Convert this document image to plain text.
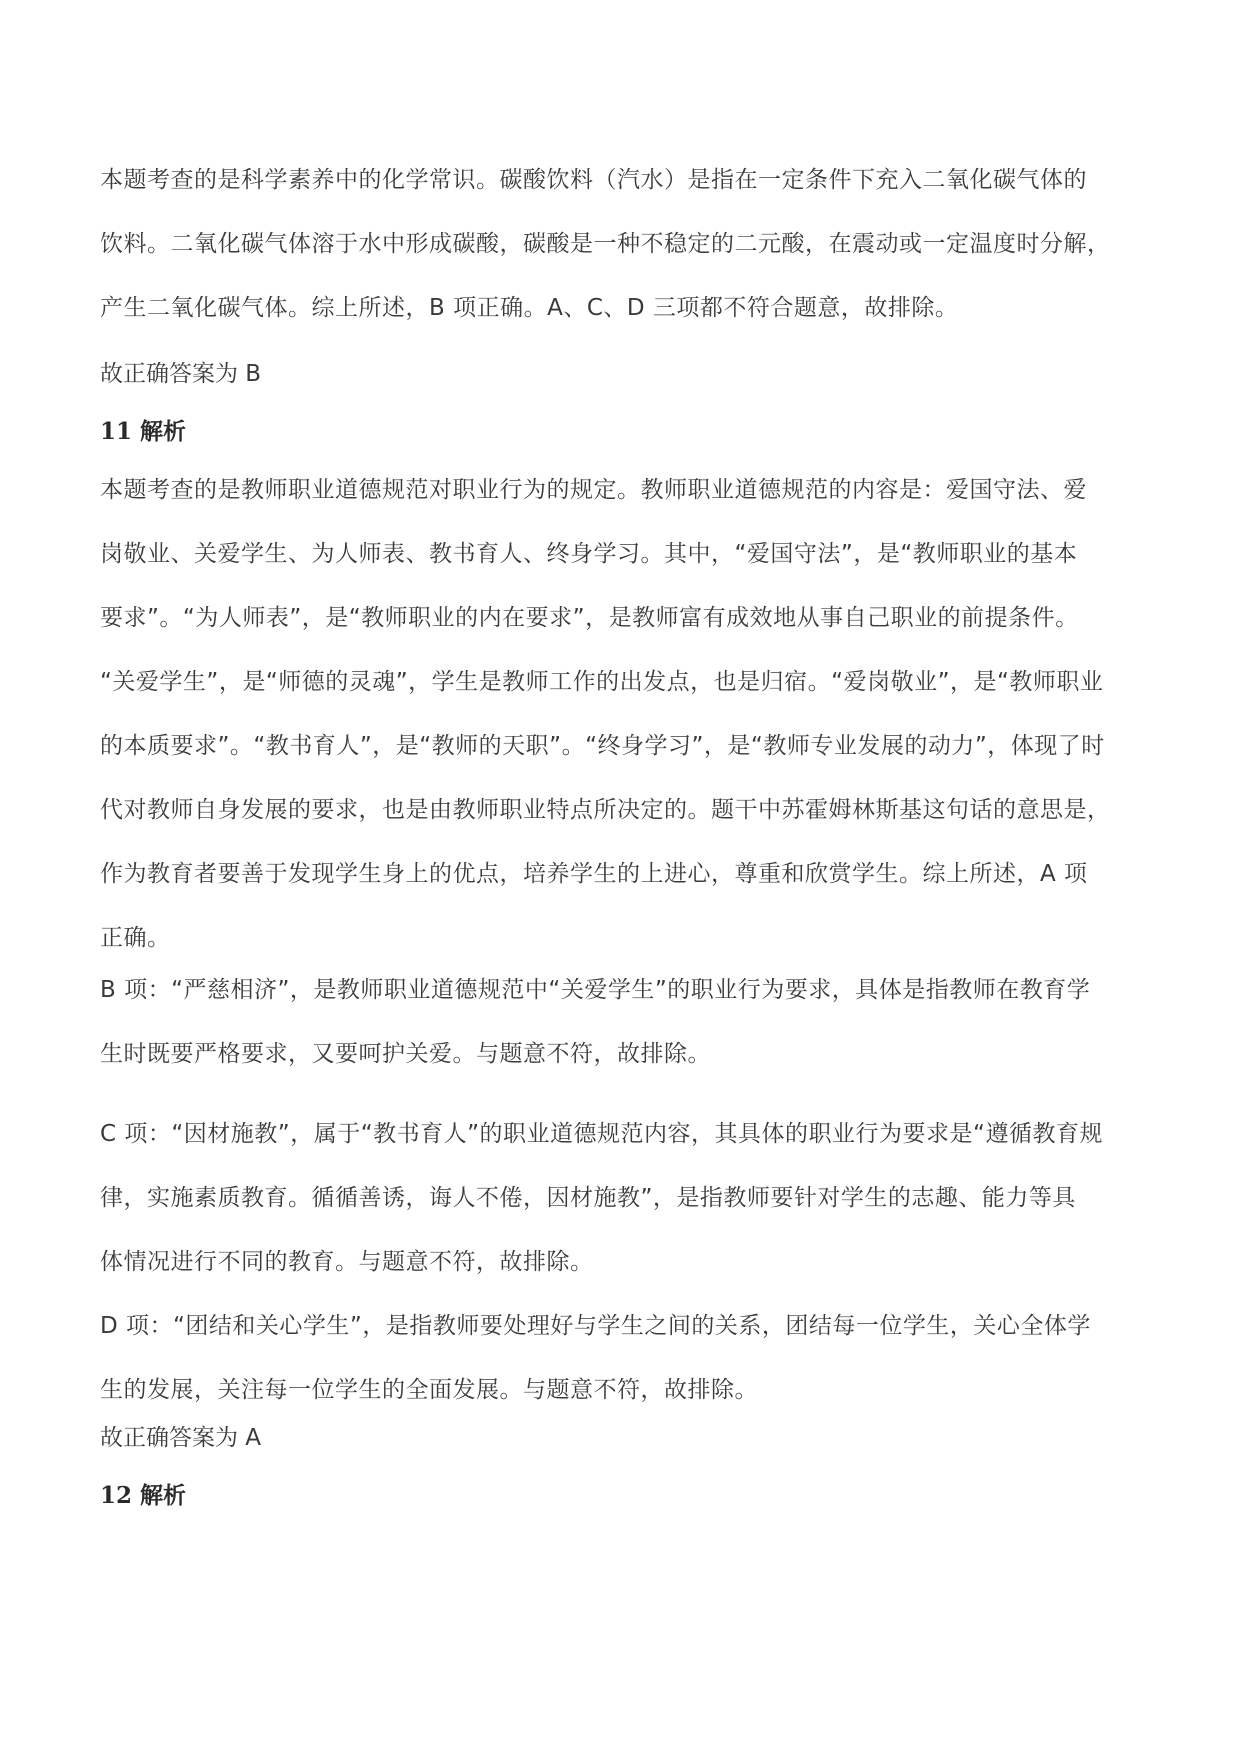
本题考查的是科学素养中的化学常识。碳酸饮料（汽水）是指在一定条件下充入二氧化碳气体的
饮料。二氧化碳气体溶于水中形成碳酸，碳酸是一种不稳定的二元酸，在震动或一定温度时分解，
产生二氧化碳气体。综上所述，B 项正确。A、C、D 三项都不符合题意，故排除。
故正确答案为 B
11 解析
本题考查的是教师职业道德规范对职业行为的规定。教师职业道德规范的内容是：爱国守法、爱
岗敬业、关爱学生、为人师表、教书育人、终身学习。其中，“爱国守法”，是“教师职业的基本
要求”。“为人师表”，是“教师职业的内在要求”，是教师富有成效地从事自己职业的前提条件。
“关爱学生”，是“师德的灵魂”，学生是教师工作的出发点，也是归宿。“爱岗敬业”，是“教师职业
的本质要求”。“教书育人”，是“教师的天职”。“终身学习”，是“教师专业发展的动力”，体现了时
代对教师自身发展的要求，也是由教师职业特点所决定的。题干中苏霍姆林斯基这句话的意思是，
作为教育者要善于发现学生身上的优点，培养学生的上进心，尊重和欣赏学生。综上所述，A 项
正确。
B 项：“严慈相济”，是教师职业道德规范中“关爱学生”的职业行为要求，具体是指教师在教育学
生时既要严格要求，又要呵护关爱。与题意不符，故排除。
C 项：“因材施教”，属于“教书育人”的职业道德规范内容，其具体的职业行为要求是“遵循教育规
律，实施素质教育。循循善诱，诲人不倦，因材施教”，是指教师要针对学生的志趣、能力等具
体情况进行不同的教育。与题意不符，故排除。
D 项：“团结和关心学生”，是指教师要处理好与学生之间的关系，团结每一位学生，关心全体学
生的发展，关注每一位学生的全面发展。与题意不符，故排除。
故正确答案为 A
12 解析
